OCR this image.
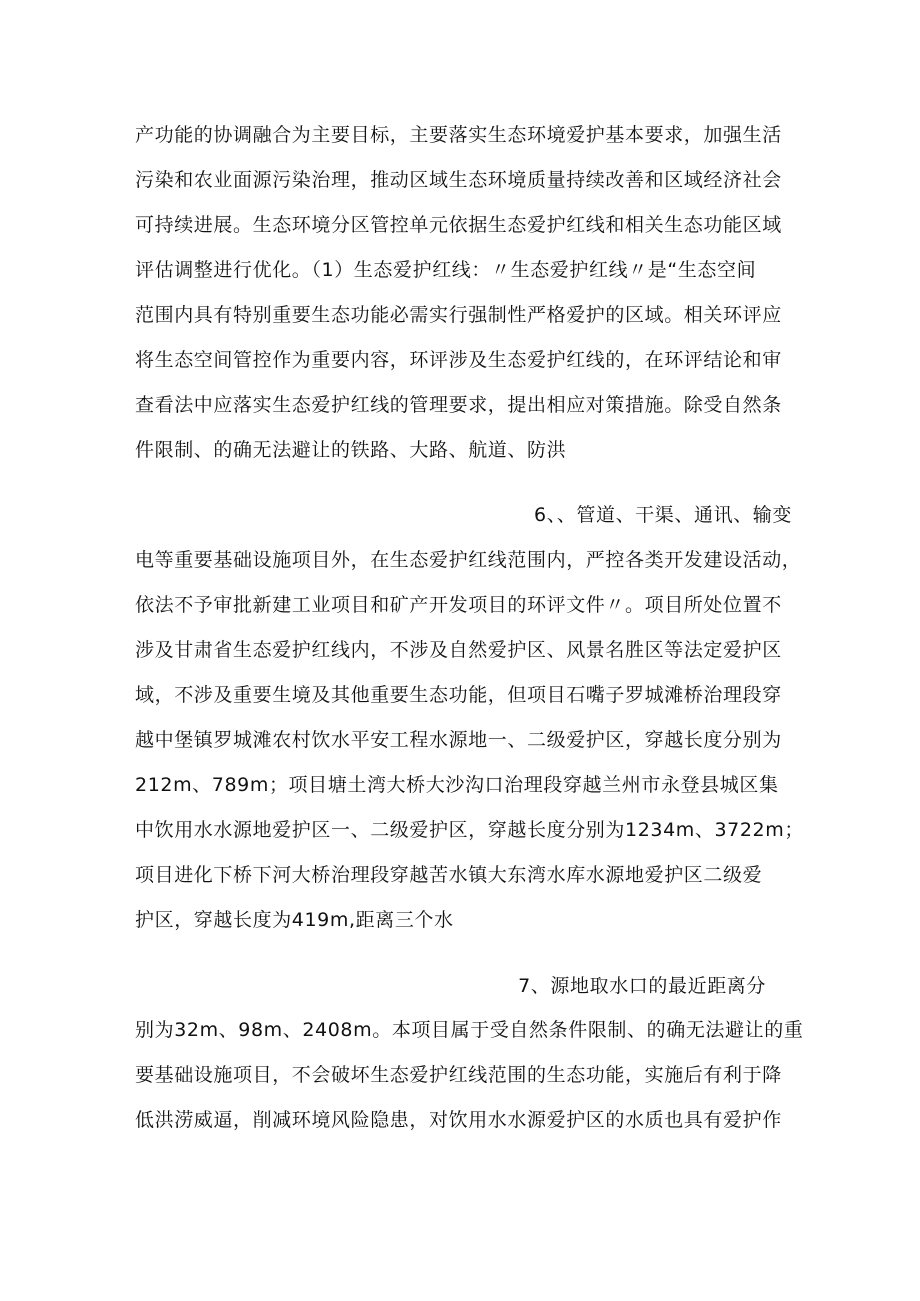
产功能的协调融合为主要目标，主要落实生态环境爱护基本要求，加强生活
污染和农业面源污染治理，推动区域生态环境质量持续改善和区域经济社会
可持续进展。生态环境分区管控单元依据生态爱护红线和相关生态功能区域
评估调整进行优化。（1）生态爱护红线：〃生态爱护红线〃是“生态空间
范围内具有特别重要生态功能必需实行强制性严格爱护的区域。相关环评应
将生态空间管控作为重要内容，环评涉及生态爱护红线的，在环评结论和审
查看法中应落实生态爱护红线的管理要求，提出相应对策措施。除受自然条
件限制、的确无法避让的铁路、大路、航道、防洪
6、、管道、干渠、通讯、输变
电等重要基础设施项目外，在生态爱护红线范围内，严控各类开发建设活动，
依法不予审批新建工业项目和矿产开发项目的环评文件〃。项目所处位置不
涉及甘肃省生态爱护红线内，不涉及自然爱护区、风景名胜区等法定爱护区
域，不涉及重要生境及其他重要生态功能，但项目石嘴子罗城滩桥治理段穿
越中堡镇罗城滩农村饮水平安工程水源地一、二级爱护区，穿越长度分别为
212m、789m；项目塘土湾大桥大沙沟口治理段穿越兰州市永登县城区集
中饮用水水源地爱护区一、二级爱护区，穿越长度分别为1234m、3722m；
项目进化下桥下河大桥治理段穿越苦水镇大东湾水库水源地爱护区二级爱
护区，穿越长度为419m,距离三个水
7、源地取水口的最近距离分
别为32m、98m、2408m。本项目属于受自然条件限制、的确无法避让的重
要基础设施项目，不会破坏生态爱护红线范围的生态功能，实施后有利于降
低洪涝威逼，削减环境风险隐患，对饮用水水源爱护区的水质也具有爱护作
